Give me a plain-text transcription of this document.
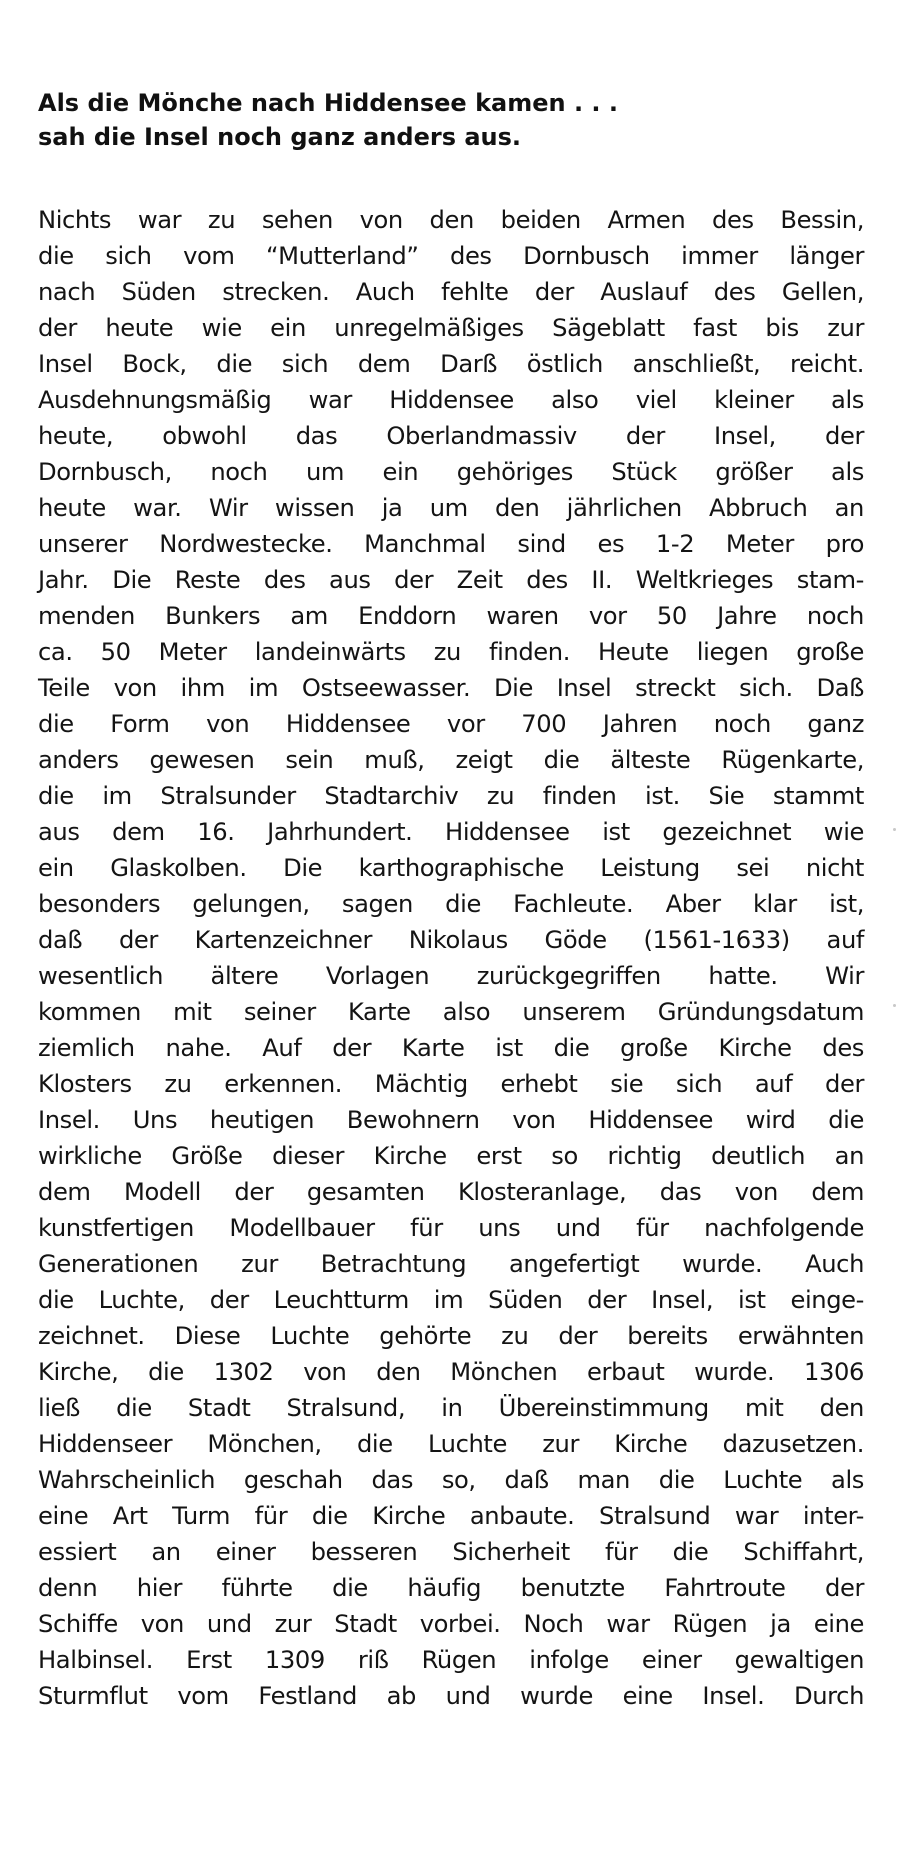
Als die Mönche nach Hiddensee kamen . . .
sah die Insel noch ganz anders aus.
Nichts war zu sehen von den beiden Armen des Bessin,
die sich vom “Mutterland” des Dornbusch immer länger
nach Süden strecken. Auch fehlte der Auslauf des Gellen,
der heute wie ein unregelmäßiges Sägeblatt fast bis zur
Insel Bock, die sich dem Darß östlich anschließt, reicht.
Ausdehnungsmäßig war Hiddensee also viel kleiner als
heute, obwohl das Oberlandmassiv der Insel, der
Dornbusch, noch um ein gehöriges Stück größer als
heute war. Wir wissen ja um den jährlichen Abbruch an
unserer Nordwestecke. Manchmal sind es 1-2 Meter pro
Jahr. Die Reste des aus der Zeit des II. Weltkrieges stam-
menden Bunkers am Enddorn waren vor 50 Jahre noch
ca. 50 Meter landeinwärts zu finden. Heute liegen große
Teile von ihm im Ostseewasser. Die Insel streckt sich. Daß
die Form von Hiddensee vor 700 Jahren noch ganz
anders gewesen sein muß, zeigt die älteste Rügenkarte,
die im Stralsunder Stadtarchiv zu finden ist. Sie stammt
aus dem 16. Jahrhundert. Hiddensee ist gezeichnet wie
ein Glaskolben. Die karthographische Leistung sei nicht
besonders gelungen, sagen die Fachleute. Aber klar ist,
daß der Kartenzeichner Nikolaus Göde (1561-1633) auf
wesentlich ältere Vorlagen zurückgegriffen hatte. Wir
kommen mit seiner Karte also unserem Gründungsdatum
ziemlich nahe. Auf der Karte ist die große Kirche des
Klosters zu erkennen. Mächtig erhebt sie sich auf der
Insel. Uns heutigen Bewohnern von Hiddensee wird die
wirkliche Größe dieser Kirche erst so richtig deutlich an
dem Modell der gesamten Klosteranlage, das von dem
kunstfertigen Modellbauer für uns und für nachfolgende
Generationen zur Betrachtung angefertigt wurde. Auch
die Luchte, der Leuchtturm im Süden der Insel, ist einge-
zeichnet. Diese Luchte gehörte zu der bereits erwähnten
Kirche, die 1302 von den Mönchen erbaut wurde. 1306
ließ die Stadt Stralsund, in Übereinstimmung mit den
Hiddenseer Mönchen, die Luchte zur Kirche dazusetzen.
Wahrscheinlich geschah das so, daß man die Luchte als
eine Art Turm für die Kirche anbaute. Stralsund war inter-
essiert an einer besseren Sicherheit für die Schiffahrt,
denn hier führte die häufig benutzte Fahrtroute der
Schiffe von und zur Stadt vorbei. Noch war Rügen ja eine
Halbinsel. Erst 1309 riß Rügen infolge einer gewaltigen
Sturmflut vom Festland ab und wurde eine Insel. Durch
